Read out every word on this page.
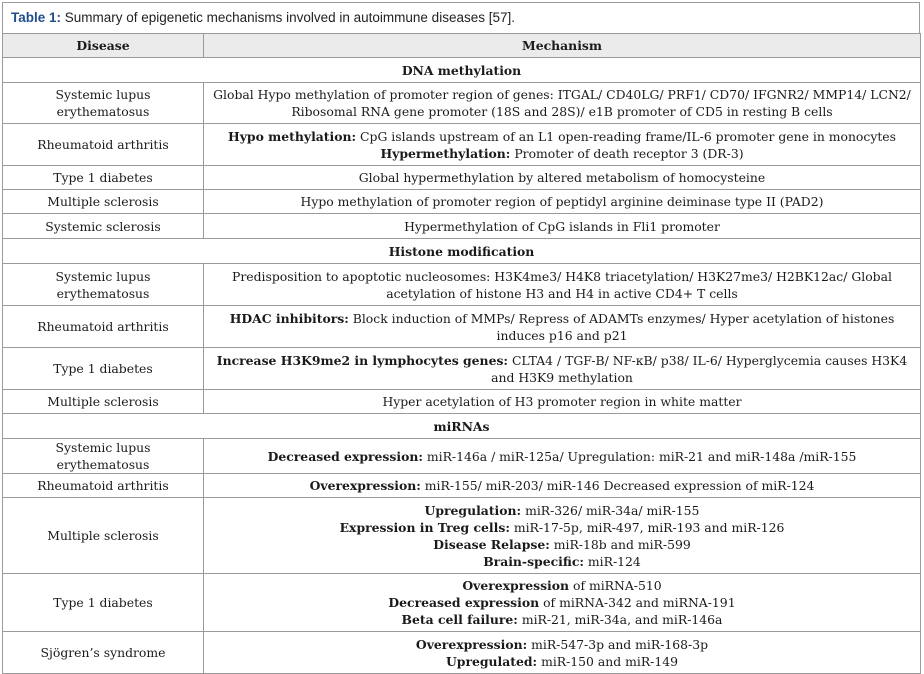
Table 1: Summary of epigenetic mechanisms involved in autoimmune diseases [57].
Disease	Mechanism
DNA methylation	
Systemic lupus erythematosus	Global Hypo methylation of promoter region of genes: ITGAL/ CD40LG/ PRF1/ CD70/ IFGNR2/ MMP14/ LCN2/ Ribosomal RNA gene promoter (18S and 28S)/ e1B promoter of CD5 in resting B cells

Rheumatoid arthritis	Hypo methylation: CpG islands upstream of an L1 open-reading frame/IL-6 promoter gene in monocytes
Hypermethylation: Promoter of death receptor 3 (DR-3)

Type 1 diabetes	Global hypermethylation by altered metabolism of homocysteine

Multiple sclerosis	Hypo methylation of promoter region of peptidyl arginine deiminase type II (PAD2)

Systemic sclerosis	Hypermethylation of CpG islands in Fli1 promoter

Histone modification	
Systemic lupus erythematosus	Predisposition to apoptotic nucleosomes: H3K4me3/ H4K8 triacetylation/ H3K27me3/ H2BK12ac/ Global acetylation of histone H3 and H4 in active CD4+ T cells

Rheumatoid arthritis	HDAC inhibitors: Block induction of MMPs/ Repress of ADAMTs enzymes/ Hyper acetylation of histones induces p16 and p21

Type 1 diabetes	Increase H3K9me2 in lymphocytes genes: CLTA4 / TGF-B/ NF-κB/ p38/ IL-6/ Hyperglycemia causes H3K4 and H3K9 methylation

Multiple sclerosis	Hyper acetylation of H3 promoter region in white matter

miRNAs	
Systemic lupus erythematosus	Decreased expression: miR-146a / miR-125a/ Upregulation: miR-21 and miR-148a /miR-155

Rheumatoid arthritis	Overexpression: miR-155/ miR-203/ miR-146 Decreased expression of miR-124

Multiple sclerosis	Upregulation: miR-326/ miR-34a/ miR-155
Expression in Treg cells: miR-17-5p, miR-497, miR-193 and miR-126
Disease Relapse: miR-18b and miR-599
Brain-specific: miR-124

Type 1 diabetes	Overexpression of miRNA-510
Decreased expression of miRNA-342 and miRNA-191
Beta cell failure: miR-21, miR-34a, and miR-146a

Sjögren’s syndrome	Overexpression: miR-547-3p and miR-168-3p
Upregulated: miR-150 and miR-149
